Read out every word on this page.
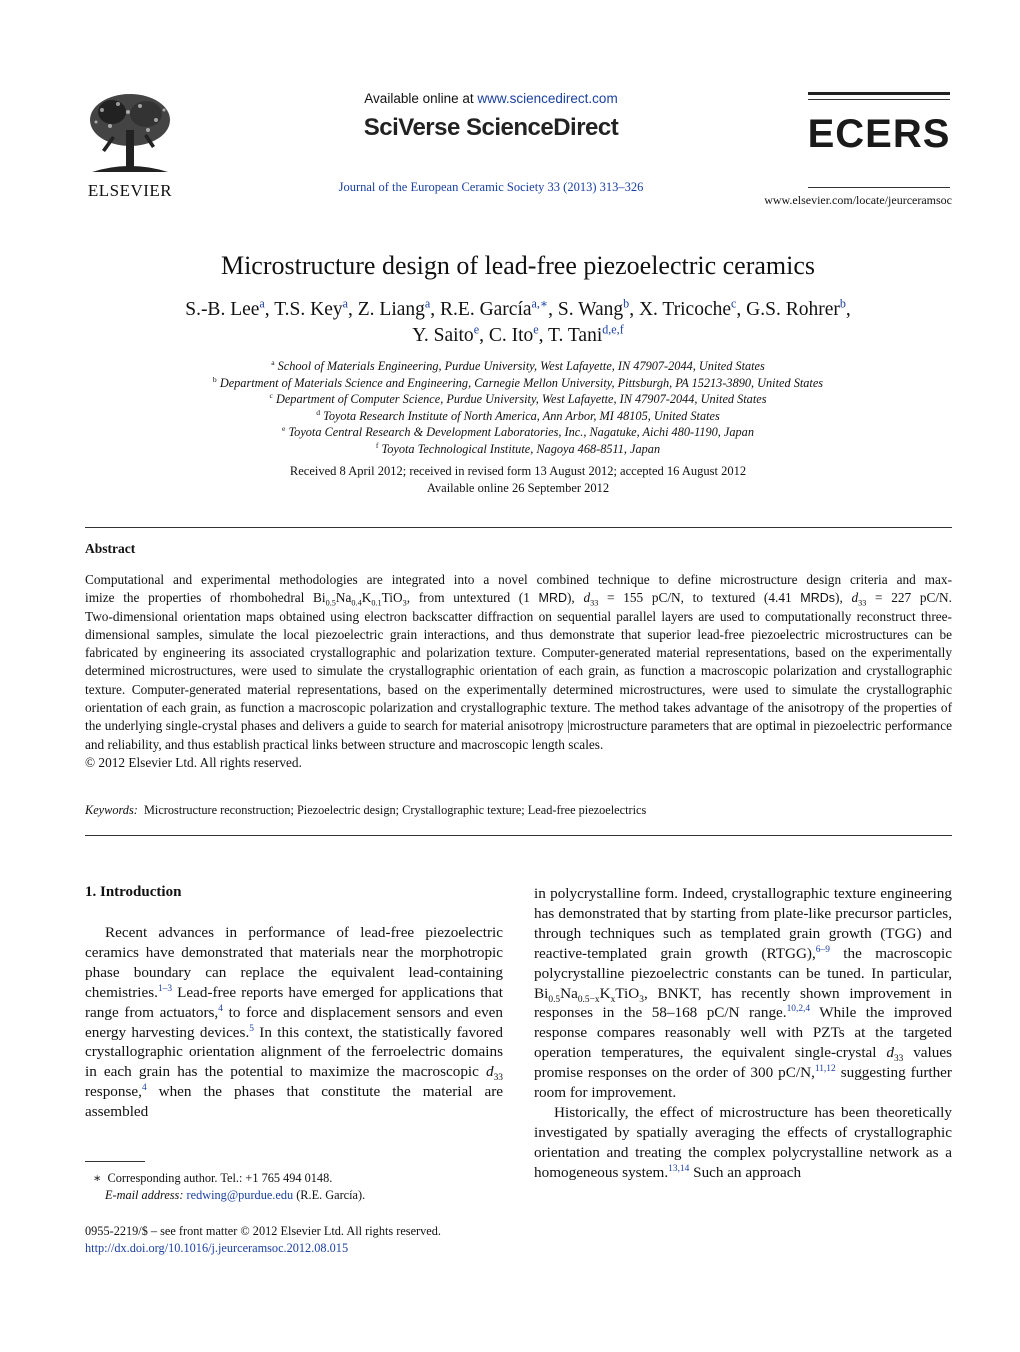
ELSEVIER
Available online at www.sciencedirect.com
SciVerse ScienceDirect
Journal of the European Ceramic Society 33 (2013) 313–326
ECERS
www.elsevier.com/locate/jeurceramsoc
Microstructure design of lead-free piezoelectric ceramics
S.-B. Lee$^a$, T.S. Key$^a$, Z. Liang$^a$, R.E. García$^{a,∗}$, S. Wang$^b$, X. Tricoche$^c$, G.S. Rohrer$^b$,
Y. Saito$^e$, C. Ito$^e$, T. Tani$^{d,e,f}$
$^a$ School of Materials Engineering, Purdue University, West Lafayette, IN 47907-2044, United States
$^b$ Department of Materials Science and Engineering, Carnegie Mellon University, Pittsburgh, PA 15213-3890, United States
$^c$ Department of Computer Science, Purdue University, West Lafayette, IN 47907-2044, United States
$^d$ Toyota Research Institute of North America, Ann Arbor, MI 48105, United States
$^e$ Toyota Central Research & Development Laboratories, Inc., Nagatuke, Aichi 480-1190, Japan
$^f$ Toyota Technological Institute, Nagoya 468-8511, Japan
Received 8 April 2012; received in revised form 13 August 2012; accepted 16 August 2012
Available online 26 September 2012
Abstract
Computational and experimental methodologies are integrated into a novel combined technique to define microstructure design criteria and max-
imize the properties of rhombohedral $Bi_{0.5}Na_{0.4}K_{0.1}TiO_3$, from untextured (1 MRD), $d_{33} = 155$ pC/N, to textured (4.41 MRDs), $d_{33} = 227$ pC/N.
Two-dimensional orientation maps obtained using electron backscatter diffraction on sequential parallel layers are used to computationally reconstruct three-dimensional samples, simulate the local piezoelectric grain interactions, and thus demonstrate that superior lead-free piezoelectric microstructures can be fabricated by engineering its associated crystallographic and polarization texture. Computer-generated material representations, based on the experimentally determined microstructures, were used to simulate the crystallographic orientation of each grain, as function a macroscopic polarization and crystallographic texture. Computer-generated material representations, based on the experimentally determined microstructures, were used to simulate the crystallographic orientation of each grain, as function a macroscopic polarization and crystallographic texture. The method takes advantage of the anisotropy of the properties of the underlying single-crystal phases and delivers a guide to search for material anisotropy |microstructure parameters that are optimal in piezoelectric performance and reliability, and thus establish practical links between structure and macroscopic length scales.
© 2012 Elsevier Ltd. All rights reserved.
Keywords: Microstructure reconstruction; Piezoelectric design; Crystallographic texture; Lead-free piezoelectrics
1. Introduction

Recent advances in performance of lead-free piezoelectric ceramics have demonstrated that materials near the morphotropic phase boundary can replace the equivalent lead-containing chemistries.$^{1-3}$ Lead-free reports have emerged for applications that range from actuators,$^4$ to force and displacement sensors and even energy harvesting devices.$^5$ In this context, the statistically favored crystallographic orientation alignment of the ferroelectric domains in each grain has the potential to maximize the macroscopic $d_{33}$ response,$^4$ when the phases that constitute the material are assembled

in polycrystalline form. Indeed, crystallographic texture engineering has demonstrated that by starting from plate-like precursor particles, through techniques such as templated grain growth (TGG) and reactive-templated grain growth (RTGG),$^{6-9}$ the macroscopic polycrystalline piezoelectric constants can be tuned. In particular, $Bi_{0.5}Na_{0.5-x}K_xTiO_3$, BNKT, has recently shown improvement in responses in the 58–168 pC/N range.$^{10,2,4}$ While the improved response compares reasonably well with PZTs at the targeted operation temperatures, the equivalent single-crystal $d_{33}$ values promise responses on the order of 300 pC/N,$^{11,12}$ suggesting further room for improvement.

Historically, the effect of microstructure has been theoretically investigated by spatially averaging the effects of crystallographic orientation and treating the complex polycrystalline network as a homogeneous system.$^{13,14}$ Such an approach

∗ Corresponding author. Tel.: +1 765 494 0148.
E-mail address: redwing@purdue.edu (R.E. García).
0955-2219/$ – see front matter © 2012 Elsevier Ltd. All rights reserved.
http://dx.doi.org/10.1016/j.jeurceramsoc.2012.08.015
